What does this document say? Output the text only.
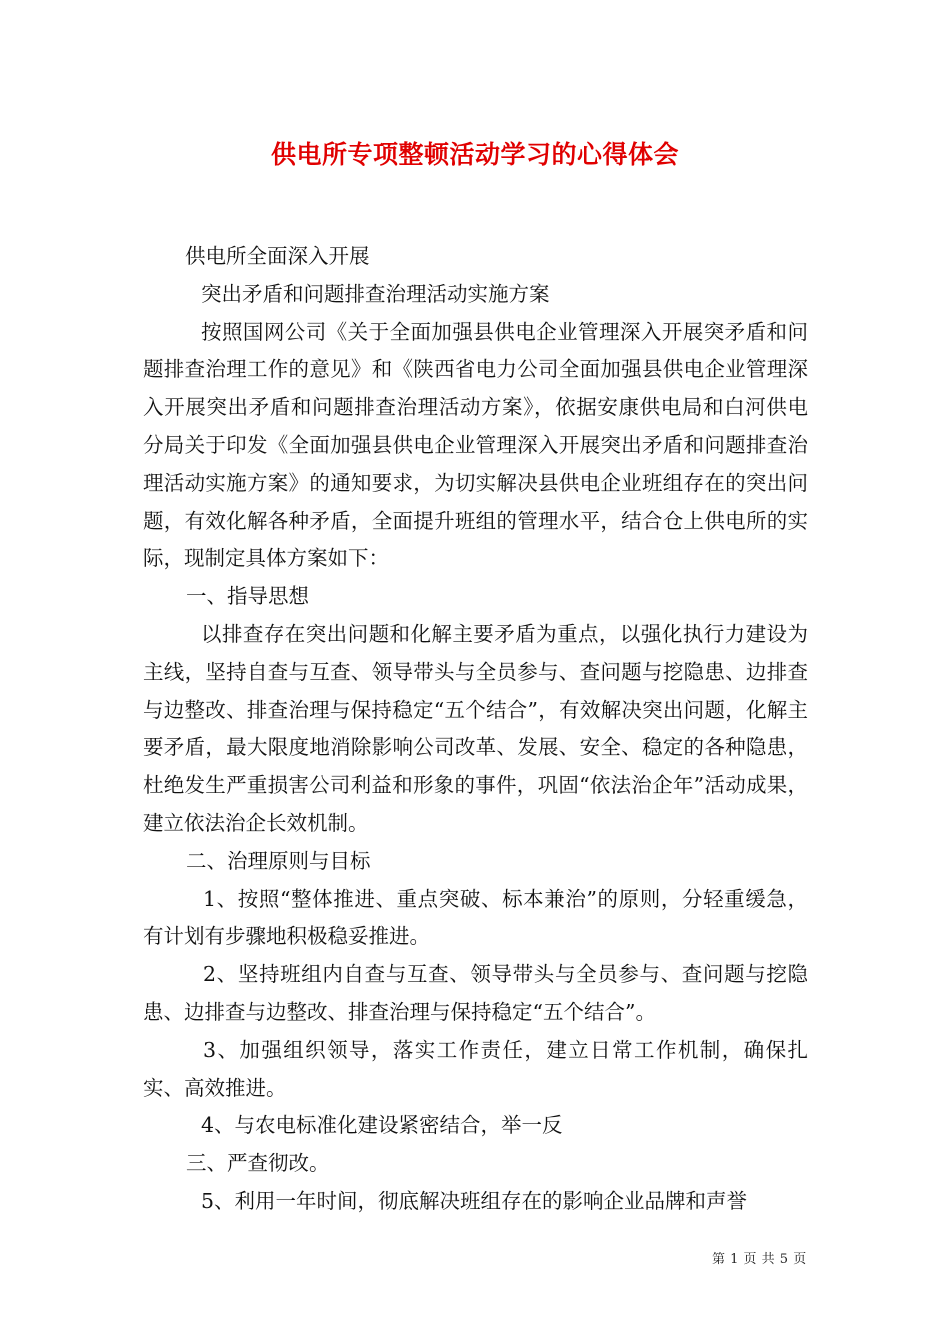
供电所专项整顿活动学习的心得体会

供电所全面深入开展

突出矛盾和问题排查治理活动实施方案

按照国网公司《关于全面加强县供电企业管理深入开展突矛盾和问题排查治理工作的意见》和《陕西省电力公司全面加强县供电企业管理深入开展突出矛盾和问题排查治理活动方案》，依据安康供电局和白河供电分局关于印发《全面加强县供电企业管理深入开展突出矛盾和问题排查治理活动实施方案》的通知要求，为切实解决县供电企业班组存在的突出问题，有效化解各种矛盾，全面提升班组的管理水平，结合仓上供电所的实际，现制定具体方案如下：

一、指导思想

以排查存在突出问题和化解主要矛盾为重点，以强化执行力建设为主线，坚持自查与互查、领导带头与全员参与、查问题与挖隐患、边排查与边整改、排查治理与保持稳定“五个结合”，有效解决突出问题，化解主要矛盾，最大限度地消除影响公司改革、发展、安全、稳定的各种隐患，杜绝发生严重损害公司利益和形象的事件，巩固“依法治企年”活动成果，建立依法治企长效机制。

二、治理原则与目标

1、按照“整体推进、重点突破、标本兼治”的原则，分轻重缓急，有计划有步骤地积极稳妥推进。

2、坚持班组内自查与互查、领导带头与全员参与、查问题与挖隐患、边排查与边整改、排查治理与保持稳定“五个结合”。

3、加强组织领导，落实工作责任，建立日常工作机制，确保扎实、高效推进。

4、与农电标准化建设紧密结合，举一反

三、严查彻改。

5、利用一年时间，彻底解决班组存在的影响企业品牌和声誉

第 1 页 共 5 页
